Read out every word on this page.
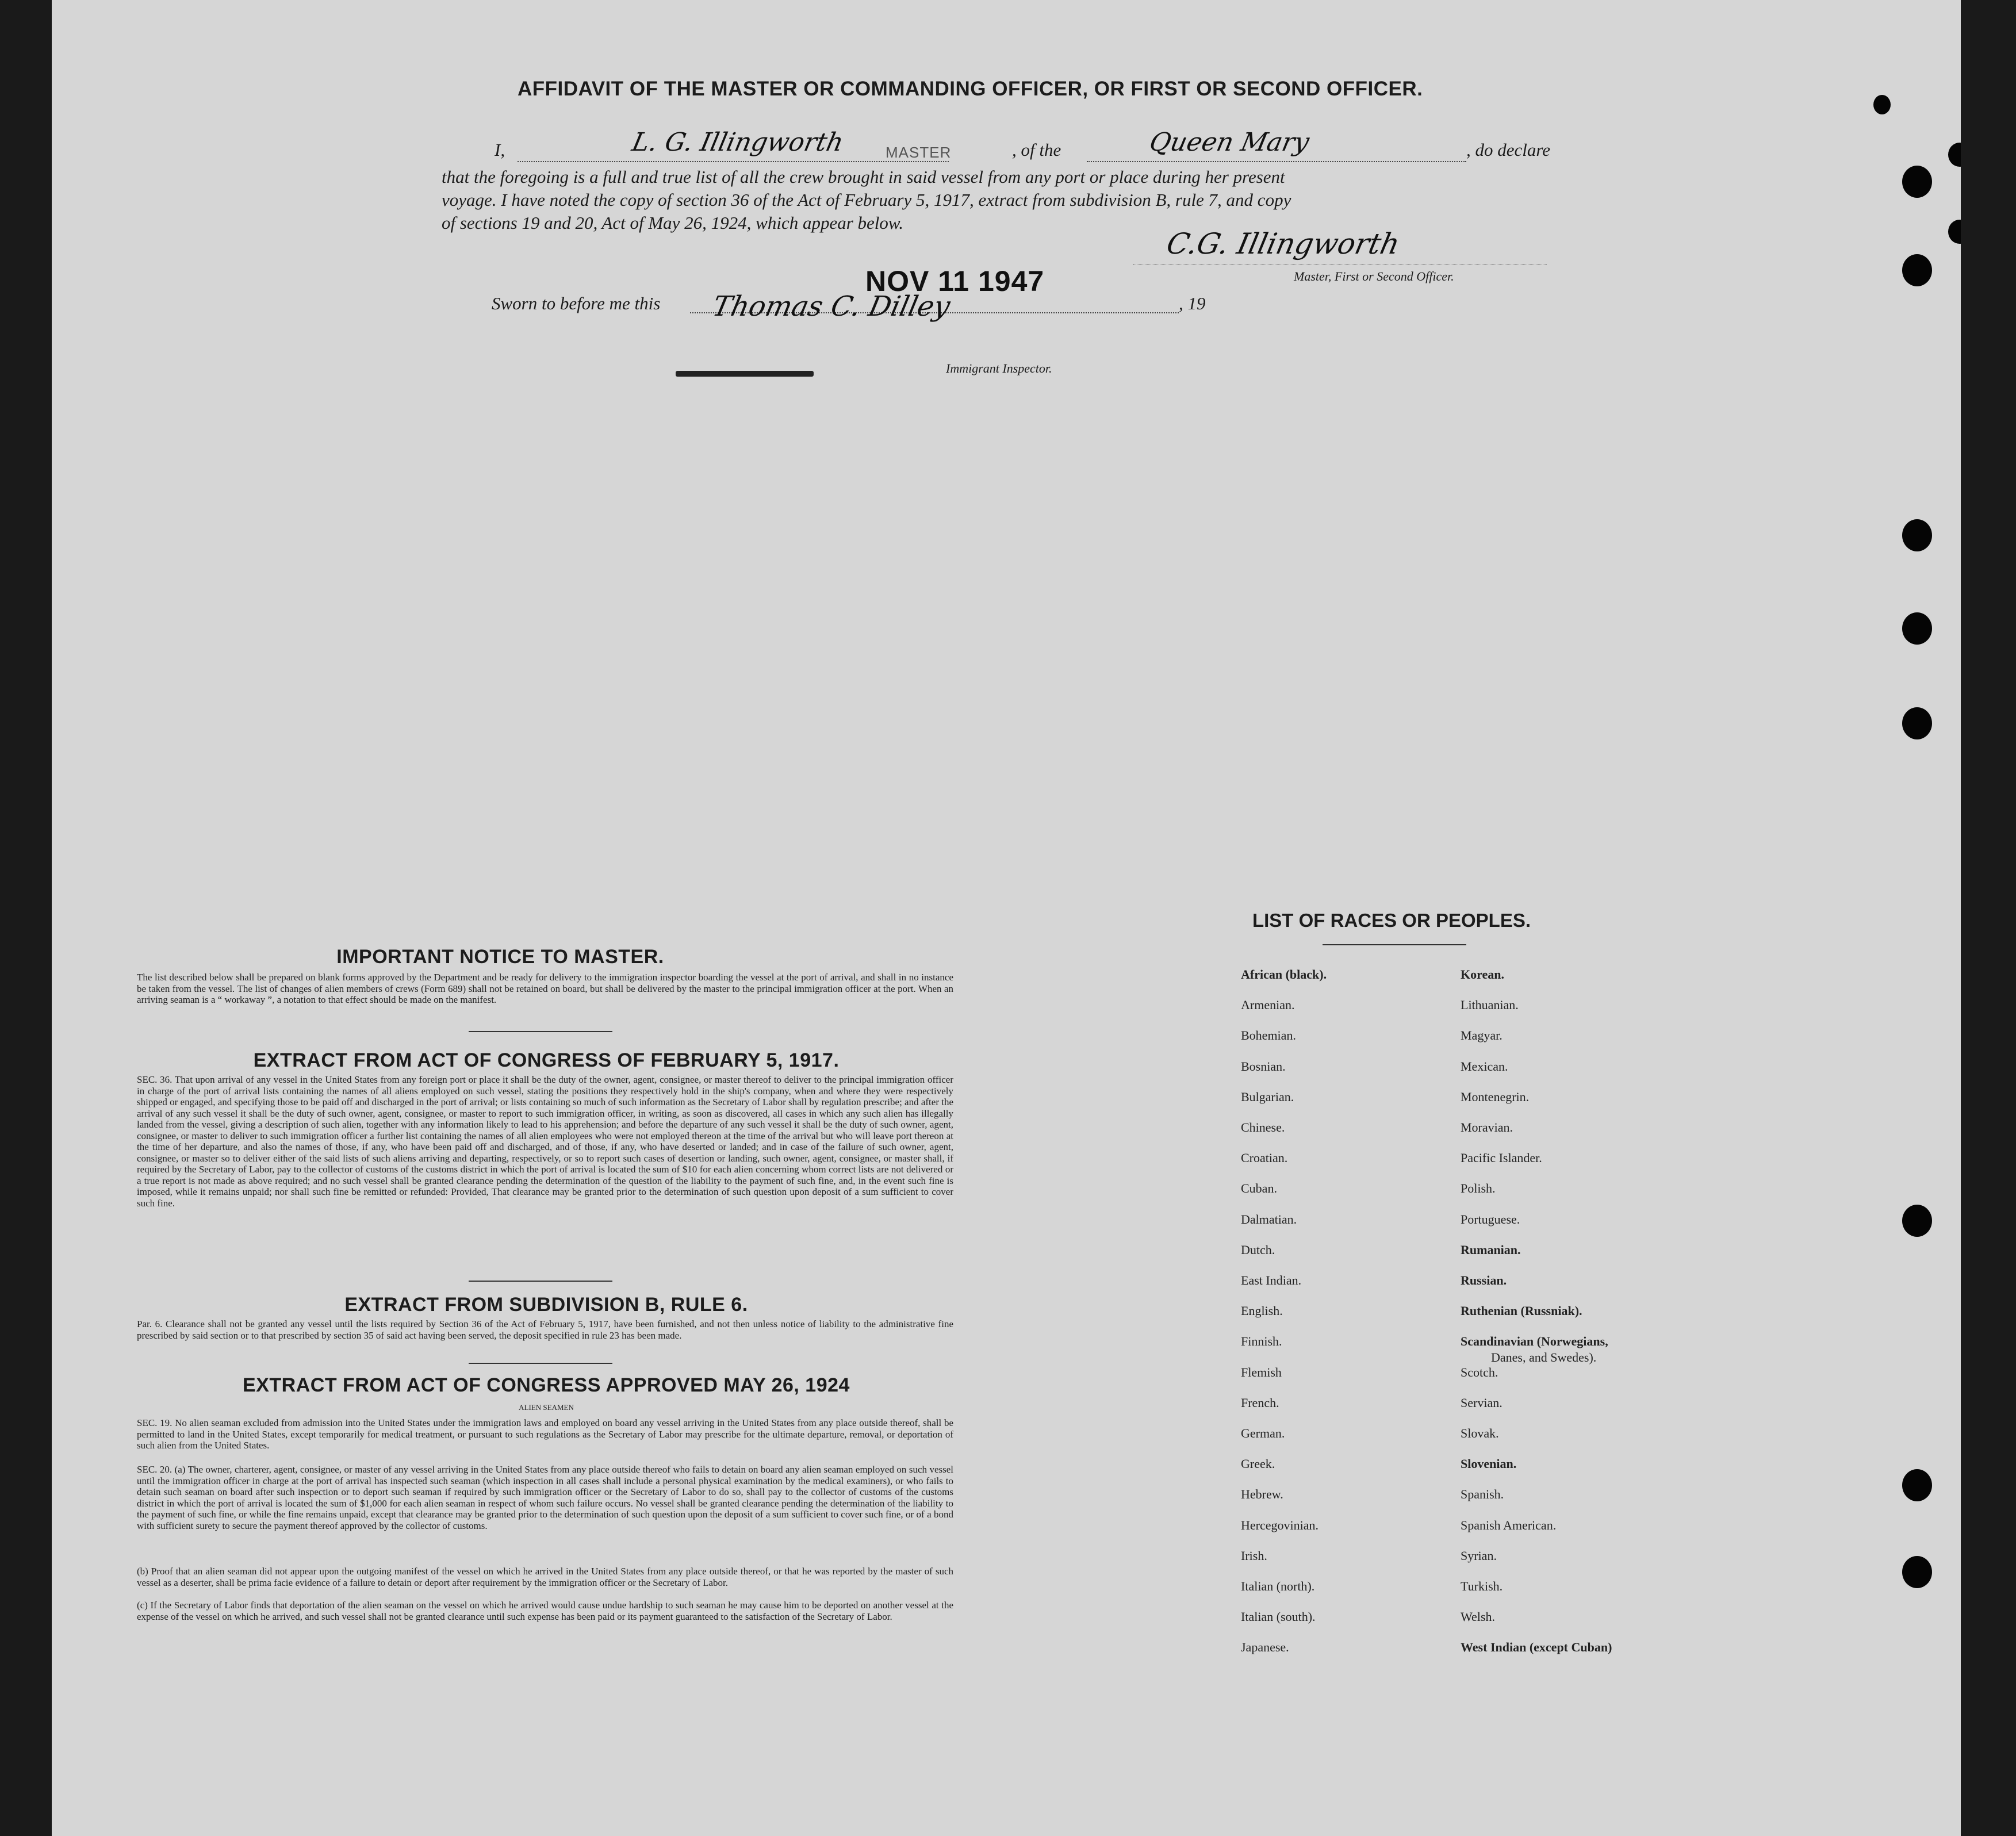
AFFIDAVIT OF THE MASTER OR COMMANDING OFFICER, OR FIRST OR SECOND OFFICER.
I,	L. G. Illingworth	MASTER	, of the	Queen Mary	, do declare
that the foregoing is a full and true list of all the crew brought in said vessel from any port or place during her present
voyage. I have noted the copy of section 36 of the Act of February 5, 1917, extract from subdivision B, rule 7, and copy
of sections 19 and 20, Act of May 26, 1924, which appear below.
C.G. Illingworth
Master, First or Second Officer.
Sworn to before me this
NOV 11 1947
Thomas C. Dilley	, 19
Immigrant Inspector.
IMPORTANT NOTICE TO MASTER.
The list described below shall be prepared on blank forms approved by the Department and be ready for delivery to the immigration inspector boarding the vessel at the port of arrival, and shall in no instance be taken from the vessel. The list of changes of alien members of crews (Form 689) shall not be retained on board, but shall be delivered by the master to the principal immigration officer at the port. When an arriving seaman is a “ workaway ”, a notation to that effect should be made on the manifest.
EXTRACT FROM ACT OF CONGRESS OF FEBRUARY 5, 1917.
SEC. 36. That upon arrival of any vessel in the United States from any foreign port or place it shall be the duty of the owner, agent, consignee, or master thereof to deliver to the principal immigration officer in charge of the port of arrival lists containing the names of all aliens employed on such vessel, stating the positions they respectively hold in the ship's company, when and where they were respectively shipped or engaged, and specifying those to be paid off and discharged in the port of arrival; or lists containing so much of such information as the Secretary of Labor shall by regulation prescribe; and after the arrival of any such vessel it shall be the duty of such owner, agent, consignee, or master to report to such immigration officer, in writing, as soon as discovered, all cases in which any such alien has illegally landed from the vessel, giving a description of such alien, together with any information likely to lead to his apprehension; and before the departure of any such vessel it shall be the duty of such owner, agent, consignee, or master to deliver to such immigration officer a further list containing the names of all alien employees who were not employed thereon at the time of the arrival but who will leave port thereon at the time of her departure, and also the names of those, if any, who have been paid off and discharged, and of those, if any, who have deserted or landed; and in case of the failure of such owner, agent, consignee, or master so to deliver either of the said lists of such aliens arriving and departing, respectively, or so to report such cases of desertion or landing, such owner, agent, consignee, or master shall, if required by the Secretary of Labor, pay to the collector of customs of the customs district in which the port of arrival is located the sum of $10 for each alien concerning whom correct lists are not delivered or a true report is not made as above required; and no such vessel shall be granted clearance pending the determination of the question of the liability to the payment of such fine, and, in the event such fine is imposed, while it remains unpaid; nor shall such fine be remitted or refunded: Provided, That clearance may be granted prior to the determination of such question upon deposit of a sum sufficient to cover such fine.
EXTRACT FROM SUBDIVISION B, RULE 6.
Par. 6. Clearance shall not be granted any vessel until the lists required by Section 36 of the Act of February 5, 1917, have been furnished, and not then unless notice of liability to the administrative fine prescribed by said section or to that prescribed by section 35 of said act having been served, the deposit specified in rule 23 has been made.
EXTRACT FROM ACT OF CONGRESS APPROVED MAY 26, 1924
ALIEN SEAMEN
SEC. 19. No alien seaman excluded from admission into the United States under the immigration laws and employed on board any vessel arriving in the United States from any place outside thereof, shall be permitted to land in the United States, except temporarily for medical treatment, or pursuant to such regulations as the Secretary of Labor may prescribe for the ultimate departure, removal, or deportation of such alien from the United States.
SEC. 20. (a) The owner, charterer, agent, consignee, or master of any vessel arriving in the United States from any place outside thereof who fails to detain on board any alien seaman employed on such vessel until the immigration officer in charge at the port of arrival has inspected such seaman (which inspection in all cases shall include a personal physical examination by the medical examiners), or who fails to detain such seaman on board after such inspection or to deport such seaman if required by such immigration officer or the Secretary of Labor to do so, shall pay to the collector of customs of the customs district in which the port of arrival is located the sum of $1,000 for each alien seaman in respect of whom such failure occurs. No vessel shall be granted clearance pending the determination of the liability to the payment of such fine, or while the fine remains unpaid, except that clearance may be granted prior to the determination of such question upon the deposit of a sum sufficient to cover such fine, or of a bond with sufficient surety to secure the payment thereof approved by the collector of customs.
(b) Proof that an alien seaman did not appear upon the outgoing manifest of the vessel on which he arrived in the United States from any place outside thereof, or that he was reported by the master of such vessel as a deserter, shall be prima facie evidence of a failure to detain or deport after requirement by the immigration officer or the Secretary of Labor.
(c) If the Secretary of Labor finds that deportation of the alien seaman on the vessel on which he arrived would cause undue hardship to such seaman he may cause him to be deported on another vessel at the expense of the vessel on which he arrived, and such vessel shall not be granted clearance until such expense has been paid or its payment guaranteed to the satisfaction of the Secretary of Labor.
LIST OF RACES OR PEOPLES.
African (black).
Armenian.
Bohemian.
Bosnian.
Bulgarian.
Chinese.
Croatian.
Cuban.
Dalmatian.
Dutch.
East Indian.
English.
Finnish.
Flemish
French.
German.
Greek.
Hebrew.
Hercegovinian.
Irish.
Italian (north).
Italian (south).
Japanese.
Korean.
Lithuanian.
Magyar.
Mexican.
Montenegrin.
Moravian.
Pacific Islander.
Polish.
Portuguese.
Rumanian.
Russian.
Ruthenian (Russniak).
Scandinavian (Norwegians,
Scotch.
Servian.
Slovak.
Slovenian.
Spanish.
Spanish American.
Syrian.
Turkish.
Welsh.
West Indian (except Cuban)
Danes, and Swedes).
